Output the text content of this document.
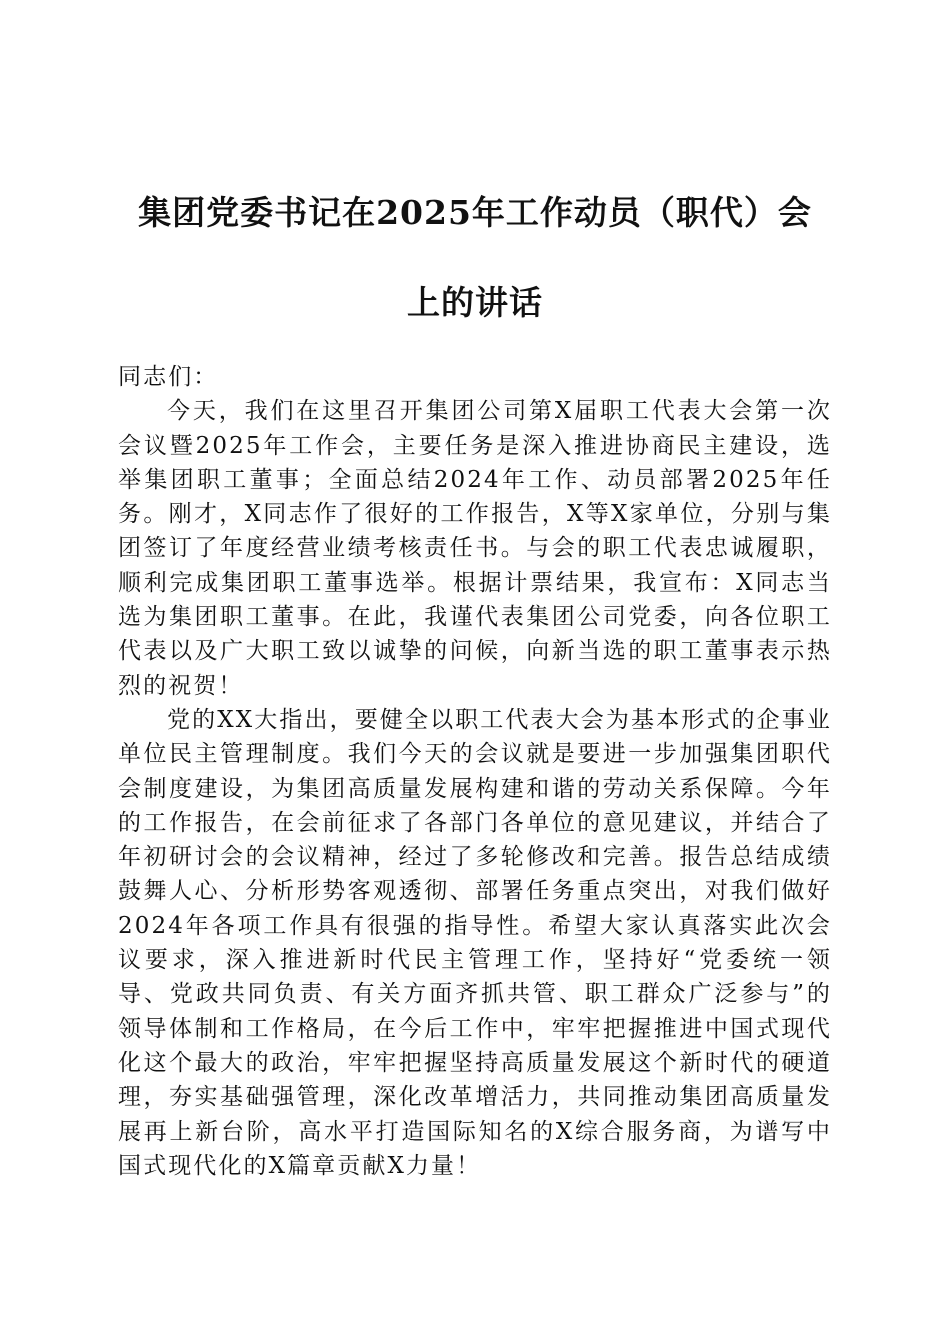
集团党委书记在2025年工作动员（职代）会
上的讲话

同志们：

今天，我们在这里召开集团公司第X届职工代表大会第一次会议暨2025年工作会，主要任务是深入推进协商民主建设，选举集团职工董事；全面总结2024年工作、动员部署2025年任务。刚才，X同志作了很好的工作报告，X等X家单位，分别与集团签订了年度经营业绩考核责任书。与会的职工代表忠诚履职，顺利完成集团职工董事选举。根据计票结果，我宣布：X同志当选为集团职工董事。在此，我谨代表集团公司党委，向各位职工代表以及广大职工致以诚挚的问候，向新当选的职工董事表示热烈的祝贺！

党的XX大指出，要健全以职工代表大会为基本形式的企事业单位民主管理制度。我们今天的会议就是要进一步加强集团职代会制度建设，为集团高质量发展构建和谐的劳动关系保障。今年的工作报告，在会前征求了各部门各单位的意见建议，并结合了年初研讨会的会议精神，经过了多轮修改和完善。报告总结成绩鼓舞人心、分析形势客观透彻、部署任务重点突出，对我们做好2024年各项工作具有很强的指导性。希望大家认真落实此次会议要求，深入推进新时代民主管理工作，坚持好“党委统一领导、党政共同负责、有关方面齐抓共管、职工群众广泛参与”的领导体制和工作格局，在今后工作中，牢牢把握推进中国式现代化这个最大的政治，牢牢把握坚持高质量发展这个新时代的硬道理，夯实基础强管理，深化改革增活力，共同推动集团高质量发展再上新台阶，高水平打造国际知名的X综合服务商，为谱写中国式现代化的X篇章贡献X力量！
